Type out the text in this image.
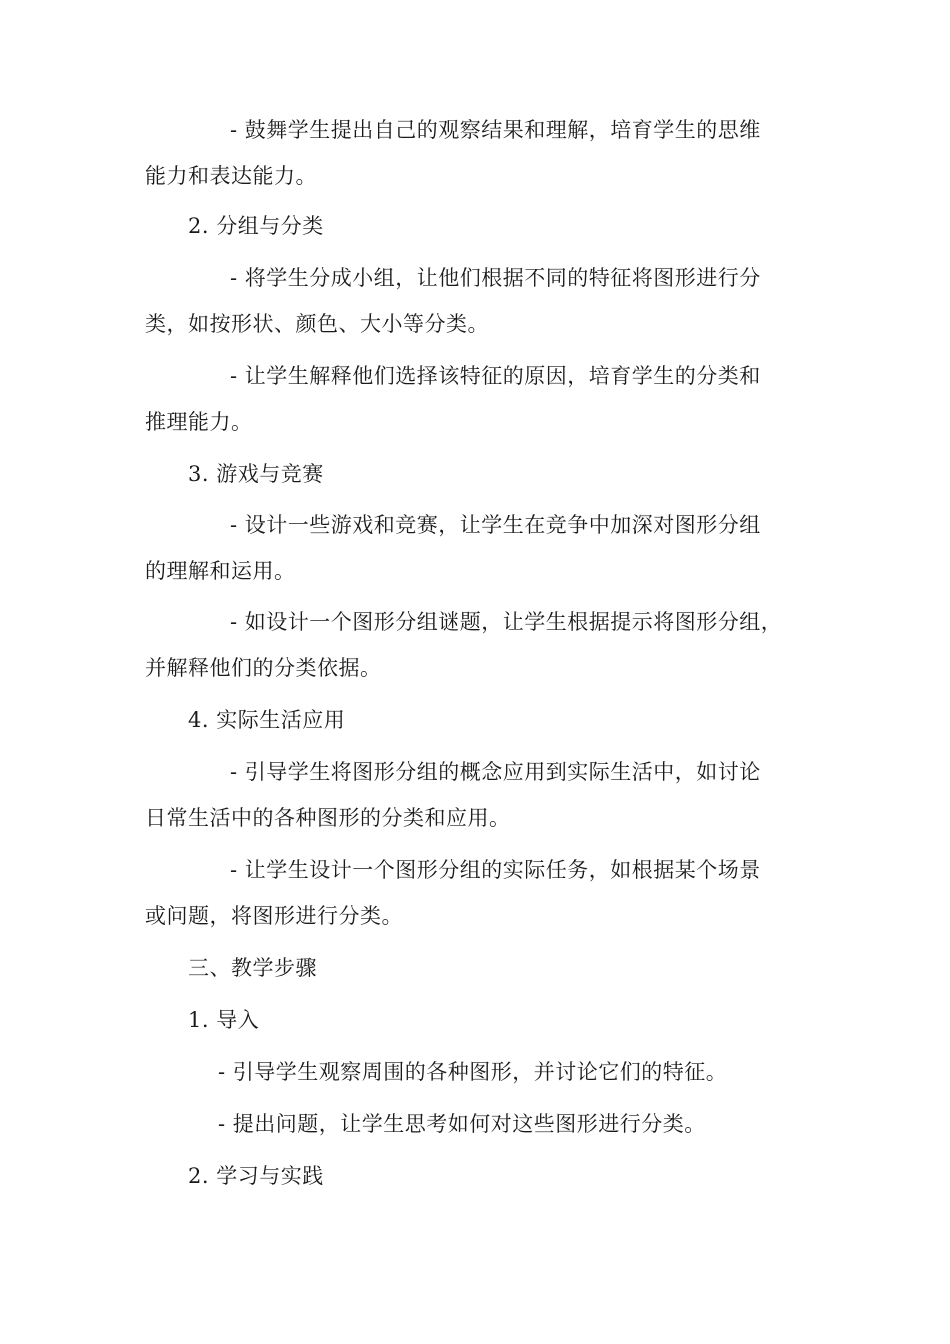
- 鼓舞学生提出自己的观察结果和理解，培育学生的思维
能力和表达能力。
2. 分组与分类
- 将学生分成小组，让他们根据不同的特征将图形进行分
类，如按形状、颜色、大小等分类。
- 让学生解释他们选择该特征的原因，培育学生的分类和
推理能力。
3. 游戏与竞赛
- 设计一些游戏和竞赛，让学生在竞争中加深对图形分组
的理解和运用。
- 如设计一个图形分组谜题，让学生根据提示将图形分组，
并解释他们的分类依据。
4. 实际生活应用
- 引导学生将图形分组的概念应用到实际生活中，如讨论
日常生活中的各种图形的分类和应用。
- 让学生设计一个图形分组的实际任务，如根据某个场景
或问题，将图形进行分类。
三、教学步骤
1. 导入
- 引导学生观察周围的各种图形，并讨论它们的特征。
- 提出问题，让学生思考如何对这些图形进行分类。
2. 学习与实践
